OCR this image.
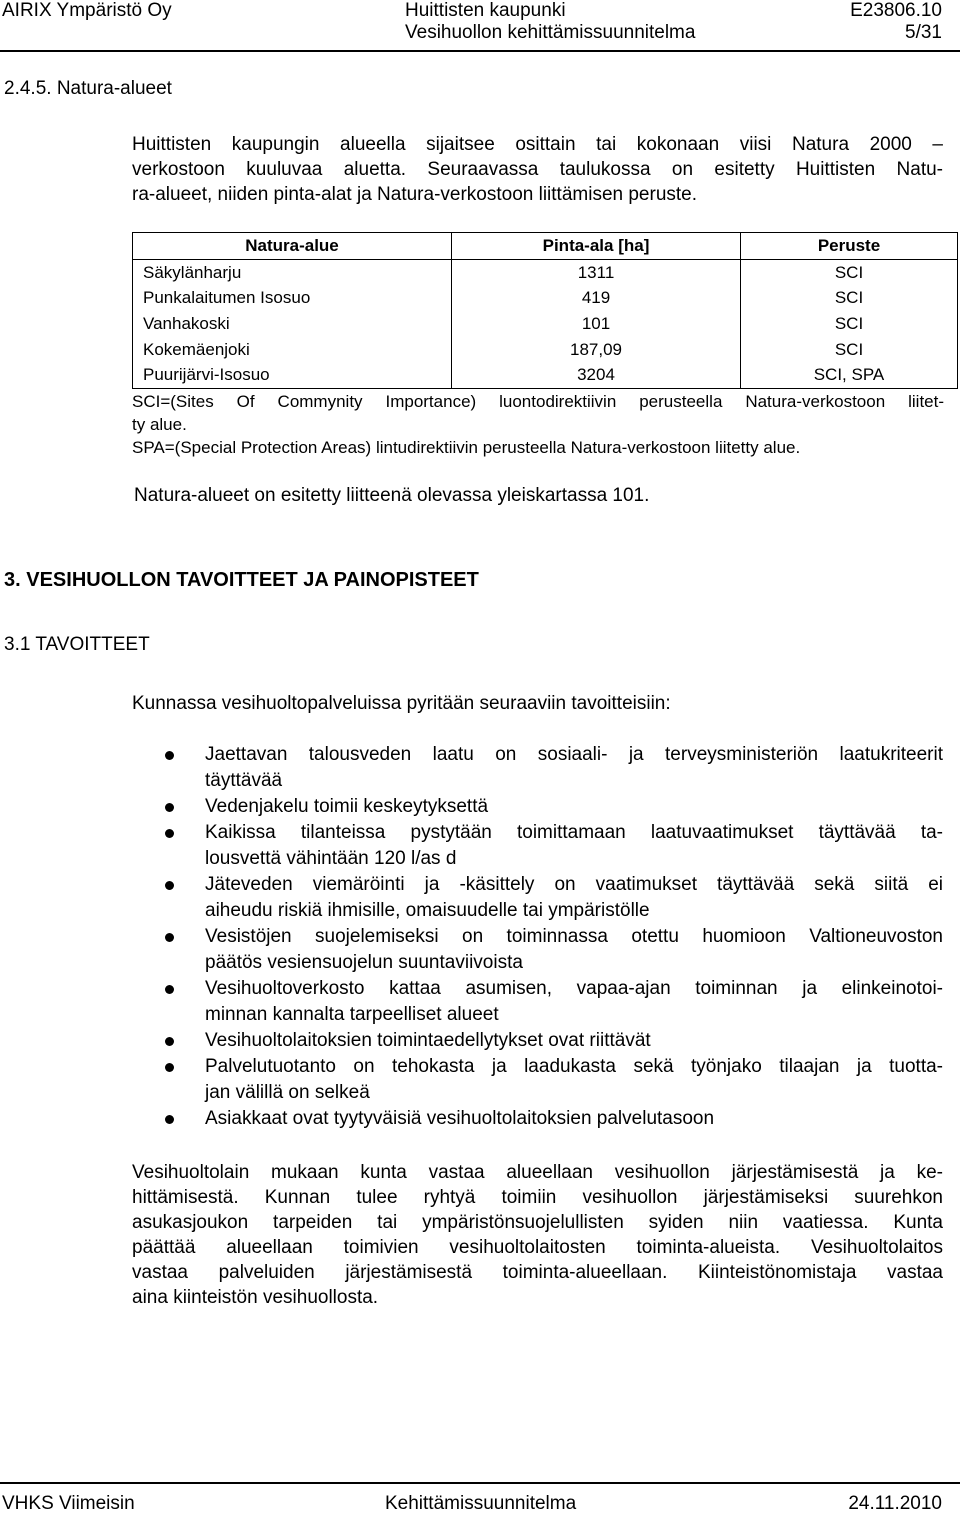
AIRIX Ympäristö Oy	Huittisten kaupunki
Vesihuollon kehittämissuunnitelma
E23806.10
5/31
2.4.5. Natura-alueet
Huittisten kaupungin alueella sijaitsee osittain tai kokonaan viisi Natura 2000 –
verkostoon kuuluvaa aluetta. Seuraavassa taulukossa on esitetty Huittisten Natu-
ra-alueet, niiden pinta-alat ja Natura-verkostoon liittämisen peruste.
Natura-alue	Pinta-ala [ha]	Peruste
Säkylänharju	1311	SCI
Punkalaitumen Isosuo	419	SCI
Vanhakoski	101	SCI
Kokemäenjoki	187,09	SCI
Puurijärvi-Isosuo	3204	SCI, SPA
SCI=(Sites Of Commynity Importance) luontodirektiivin perusteella Natura-verkostoon liitet-
ty alue.
SPA=(Special Protection Areas) lintudirektiivin perusteella Natura-verkostoon liitetty alue.
Natura-alueet on esitetty liitteenä olevassa yleiskartassa 101.
3. VESIHUOLLON TAVOITTEET JA PAINOPISTEET
3.1 TAVOITTEET
Kunnassa vesihuoltopalveluissa pyritään seuraaviin tavoitteisiin:
Jaettavan talousveden laatu on sosiaali- ja terveysministeriön laatukriteerit
täyttävää
Vedenjakelu toimii keskeytyksettä
Kaikissa tilanteissa pystytään toimittamaan laatuvaatimukset täyttävää ta-
lousvettä vähintään 120 l/as d
Jäteveden viemäröinti ja -käsittely on vaatimukset täyttävää sekä siitä ei
aiheudu riskiä ihmisille, omaisuudelle tai ympäristölle
Vesistöjen suojelemiseksi on toiminnassa otettu huomioon Valtioneuvoston
päätös vesiensuojelun suuntaviivoista
Vesihuoltoverkosto kattaa asumisen, vapaa-ajan toiminnan ja elinkeinotoi-
minnan kannalta tarpeelliset alueet
Vesihuoltolaitoksien toimintaedellytykset ovat riittävät
Palvelutuotanto on tehokasta ja laadukasta sekä työnjako tilaajan ja tuotta-
jan välillä on selkeä
Asiakkaat ovat tyytyväisiä vesihuoltolaitoksien palvelutasoon
Vesihuoltolain mukaan kunta vastaa alueellaan vesihuollon järjestämisestä ja ke-
hittämisestä. Kunnan tulee ryhtyä toimiin vesihuollon järjestämiseksi suurehkon
asukasjoukon tarpeiden tai ympäristönsuojelullisten syiden niin vaatiessa. Kunta
päättää alueellaan toimivien vesihuoltolaitosten toiminta-alueista. Vesihuoltolaitos
vastaa palveluiden järjestämisestä toiminta-alueellaan. Kiinteistönomistaja vastaa
aina kiinteistön vesihuollosta.
VHKS Viimeisin	Kehittämissuunnitelma	24.11.2010
